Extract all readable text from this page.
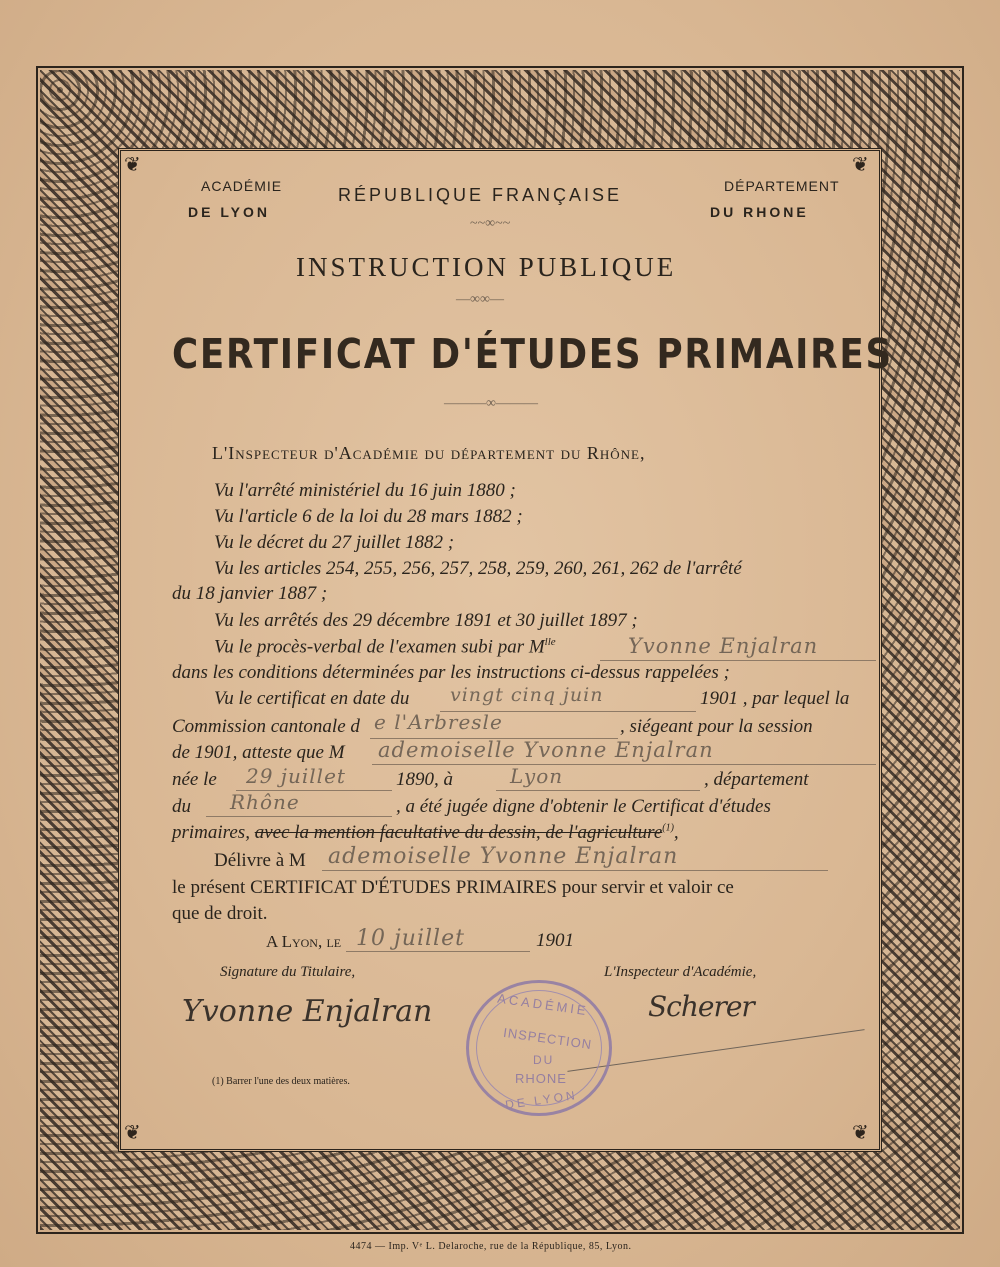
❦	❦
❦	❦
ACADÉMIE
DE LYON
RÉPUBLIQUE FRANÇAISE
~~∞~~
DÉPARTEMENT
DU RHONE
INSTRUCTION PUBLIQUE
—∞∞—
CERTIFICAT D'ÉTUDES PRIMAIRES
———∞———
L'Inspecteur d'Académie du département du Rhône,
Vu l'arrêté ministériel du 16 juin 1880 ;
Vu l'article 6 de la loi du 28 mars 1882 ;
Vu le décret du 27 juillet 1882 ;
Vu les articles 254, 255, 256, 257, 258, 259, 260, 261, 262 de l'arrêté
du 18 janvier 1887 ;
Vu les arrêtés des 29 décembre 1891 et 30 juillet 1897 ;
Vu le procès-verbal de l'examen subi par $M^{lle}$	Yvonne Enjalran
dans les conditions déterminées par les instructions ci-dessus rappelées ;
Vu le certificat en date du vingt cinq juin	1901 , par lequel la
Commission cantonale d e l'Arbresle	, siégeant pour la session
de 1901, atteste que M ademoiselle Yvonne Enjalran
née le 29 juillet	1890, à	Lyon	, département
du Rhône	, a été jugée digne d'obtenir le Certificat d'études
primaires, avec la mention facultative du dessin, de l'agriculture$^{(1)}$,
Délivre à M ademoiselle Yvonne Enjalran
le présent CERTIFICAT D'ÉTUDES PRIMAIRES pour servir et valoir ce
que de droit.
A Lyon, le 10 juillet	1901
Signature du Titulaire,	L'Inspecteur d'Académie,
Yvonne Enjalran	Scherer
ACADÉMIE
INSPECTION
DU
RHONE
DE LYON
(1) Barrer l'une des deux matières.
4474 — Imp. Vᵉ L. Delaroche, rue de la République, 85, Lyon.
